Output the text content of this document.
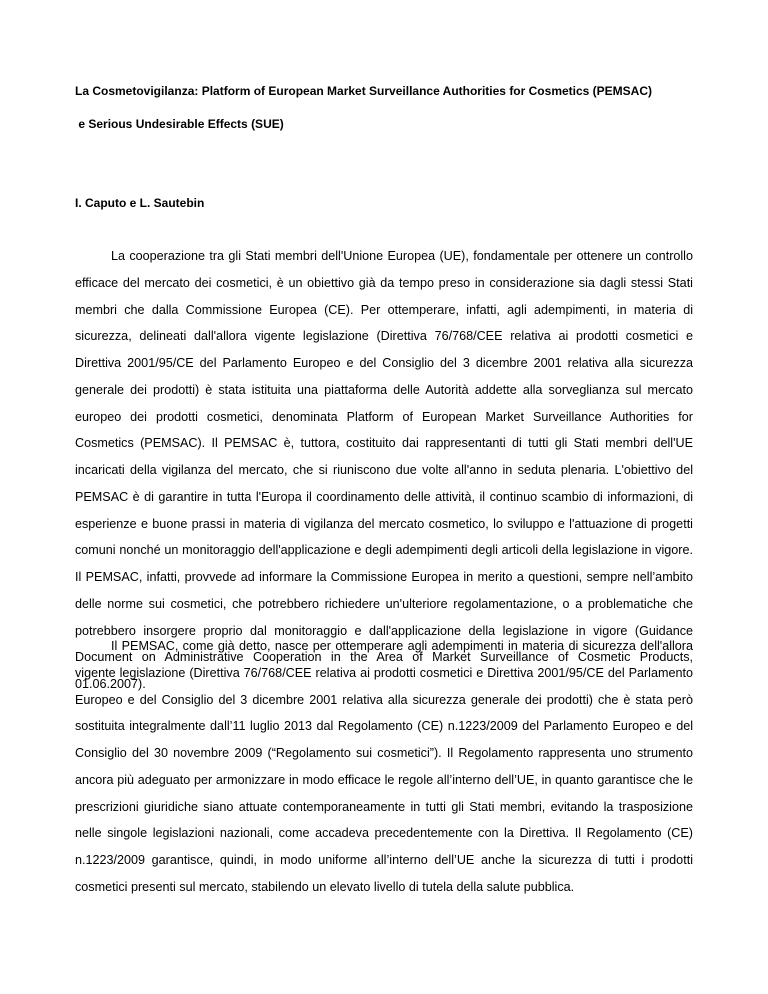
La Cosmetovigilanza: Platform of European Market Surveillance Authorities for Cosmetics (PEMSAC)
e Serious Undesirable Effects (SUE)
I. Caputo e L. Sautebin

La cooperazione tra gli Stati membri dell'Unione Europea (UE), fondamentale per ottenere un controllo efficace del mercato dei cosmetici, è un obiettivo già da tempo preso in considerazione sia dagli stessi Stati membri che dalla Commissione Europea (CE). Per ottemperare, infatti, agli adempimenti, in materia di sicurezza, delineati dall'allora vigente legislazione (Direttiva 76/768/CEE relativa ai prodotti cosmetici e Direttiva 2001/95/CE del Parlamento Europeo e del Consiglio del 3 dicembre 2001 relativa alla sicurezza generale dei prodotti) è stata istituita una piattaforma delle Autorità addette alla sorveglianza sul mercato europeo dei prodotti cosmetici, denominata Platform of European Market Surveillance Authorities for Cosmetics (PEMSAC). Il PEMSAC è, tuttora, costituito dai rappresentanti di tutti gli Stati membri dell'UE incaricati della vigilanza del mercato, che si riuniscono due volte all'anno in seduta plenaria. L'obiettivo del PEMSAC è di garantire in tutta l'Europa il coordinamento delle attività, il continuo scambio di informazioni, di esperienze e buone prassi in materia di vigilanza del mercato cosmetico, lo sviluppo e l'attuazione di progetti comuni nonché un monitoraggio dell'applicazione e degli adempimenti degli articoli della legislazione in vigore. Il PEMSAC, infatti, provvede ad informare la Commissione Europea in merito a questioni, sempre nell’ambito delle norme sui cosmetici, che potrebbero richiedere un'ulteriore regolamentazione, o a problematiche che potrebbero insorgere proprio dal monitoraggio e dall'applicazione della legislazione in vigore (Guidance Document on Administrative Cooperation in the Area of Market Surveillance of Cosmetic Products, 01.06.2007).

Il PEMSAC, come già detto, nasce per ottemperare agli adempimenti in materia di sicurezza dell'allora vigente legislazione (Direttiva 76/768/CEE relativa ai prodotti cosmetici e Direttiva 2001/95/CE del Parlamento Europeo e del Consiglio del 3 dicembre 2001 relativa alla sicurezza generale dei prodotti) che è stata però sostituita integralmente dall’11 luglio 2013 dal Regolamento (CE) n.1223/2009 del Parlamento Europeo e del Consiglio del 30 novembre 2009 (“Regolamento sui cosmetici”). Il Regolamento rappresenta uno strumento ancora più adeguato per armonizzare in modo efficace le regole all’interno dell’UE, in quanto garantisce che le prescrizioni giuridiche siano attuate contemporaneamente in tutti gli Stati membri, evitando la trasposizione nelle singole legislazioni nazionali, come accadeva precedentemente con la Direttiva. Il Regolamento (CE) n.1223/2009 garantisce, quindi, in modo uniforme all’interno dell’UE anche la sicurezza di tutti i prodotti cosmetici presenti sul mercato, stabilendo un elevato livello di tutela della salute pubblica.
